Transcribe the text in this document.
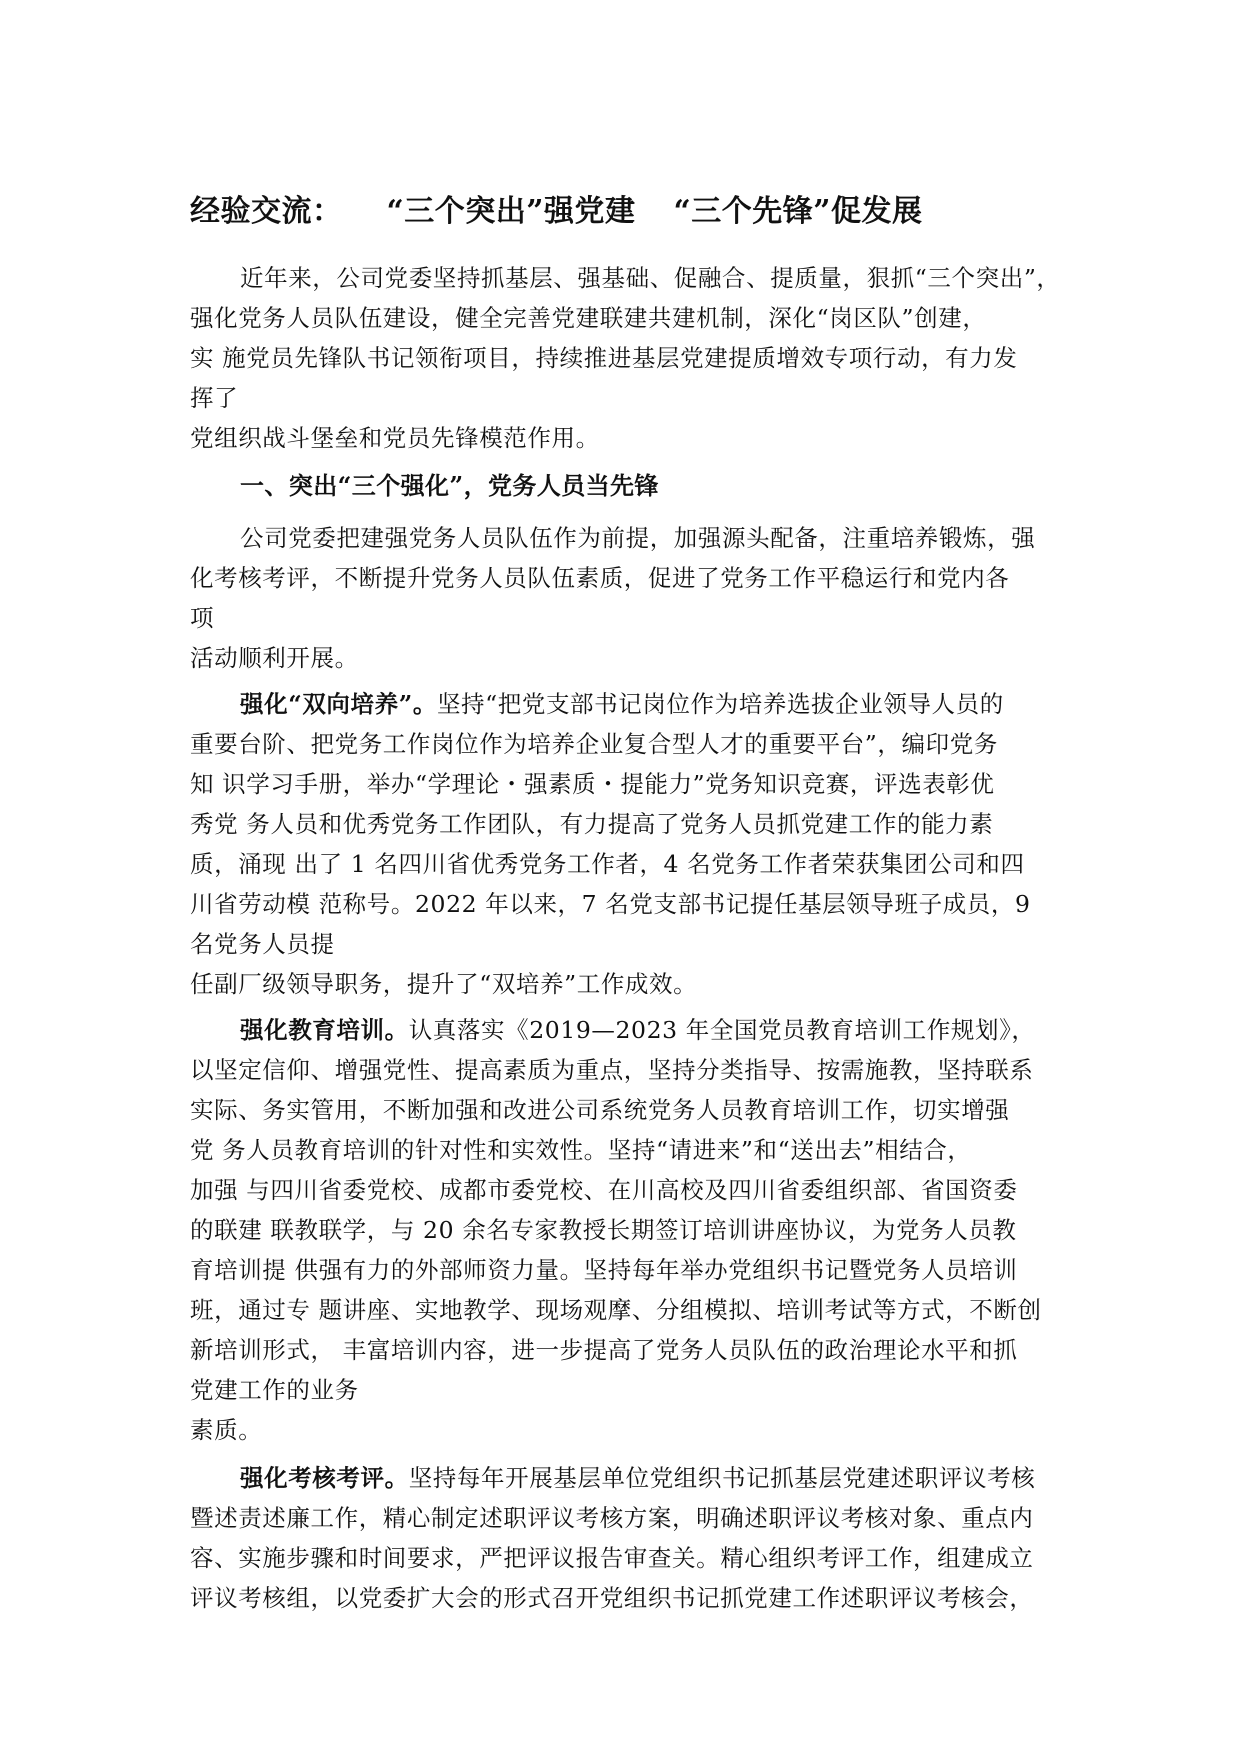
经验交流： “三个突出”强党建 “三个先锋”促发展
近年来，公司党委坚持抓基层、强基础、促融合、提质量，狠抓“三个突出”，
强化党务人员队伍建设，健全完善党建联建共建机制，深化“岗区队”创建，
实 施党员先锋队书记领衔项目，持续推进基层党建提质增效专项行动，有力发
挥了
党组织战斗堡垒和党员先锋模范作用。
一、突出“三个强化”，党务人员当先锋
公司党委把建强党务人员队伍作为前提，加强源头配备，注重培养锻炼，强
化考核考评，不断提升党务人员队伍素质，促进了党务工作平稳运行和党内各
项
活动顺利开展。
强化“双向培养”。坚持“把党支部书记岗位作为培养选拔企业领导人员的
重要台阶、把党务工作岗位作为培养企业复合型人才的重要平台”，编印党务
知 识学习手册，举办“学理论・强素质・提能力”党务知识竞赛，评选表彰优
秀党 务人员和优秀党务工作团队，有力提高了党务人员抓党建工作的能力素
质，涌现 出了 1 名四川省优秀党务工作者，4 名党务工作者荣获集团公司和四
川省劳动模 范称号。2022 年以来，7 名党支部书记提任基层领导班子成员，9
名党务人员提
任副厂级领导职务，提升了“双培养”工作成效。
强化教育培训。认真落实《2019—2023 年全国党员教育培训工作规划》，
以坚定信仰、增强党性、提高素质为重点，坚持分类指导、按需施教，坚持联系
实际、务实管用，不断加强和改进公司系统党务人员教育培训工作，切实增强
党 务人员教育培训的针对性和实效性。坚持“请进来”和“送出去”相结合，
加强 与四川省委党校、成都市委党校、在川高校及四川省委组织部、省国资委
的联建 联教联学，与 20 余名专家教授长期签订培训讲座协议，为党务人员教
育培训提 供强有力的外部师资力量。坚持每年举办党组织书记暨党务人员培训
班，通过专 题讲座、实地教学、现场观摩、分组模拟、培训考试等方式，不断创
新培训形式， 丰富培训内容，进一步提高了党务人员队伍的政治理论水平和抓
党建工作的业务
素质。
强化考核考评。坚持每年开展基层单位党组织书记抓基层党建述职评议考核
暨述责述廉工作，精心制定述职评议考核方案，明确述职评议考核对象、重点内
容、实施步骤和时间要求，严把评议报告审查关。精心组织考评工作，组建成立
评议考核组，以党委扩大会的形式召开党组织书记抓党建工作述职评议考核会，
